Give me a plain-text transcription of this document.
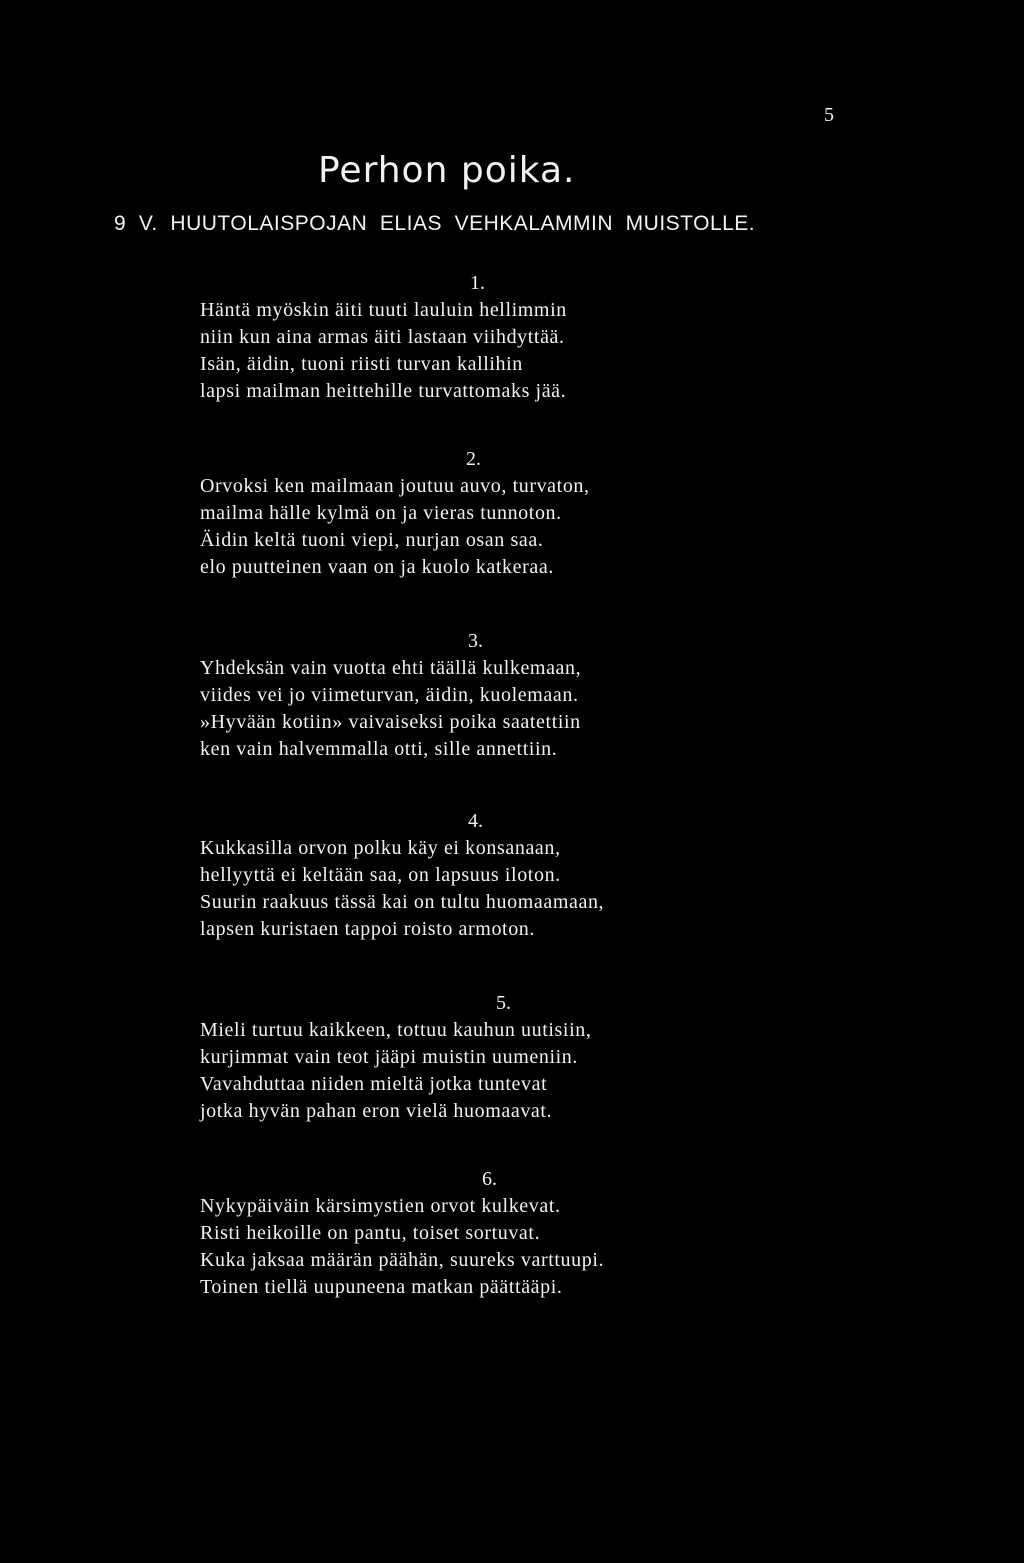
5
Perhon poika.
9  V.  HUUTOLAISPOJAN  ELIAS  VEHKALAMMIN  MUISTOLLE.
1.
Häntä myöskin äiti tuuti lauluin hellimmin
niin kun aina armas äiti lastaan viihdyttää.
Isän, äidin, tuoni riisti turvan kallihin
lapsi mailman heittehille turvattomaks jää.
2.
Orvoksi ken mailmaan joutuu auvo, turvaton,
mailma hälle kylmä on ja vieras tunnoton.
Äidin keltä tuoni viepi, nurjan osan saa.
elo puutteinen vaan on ja kuolo katkeraa.
3.
Yhdeksän vain vuotta ehti täällä kulkemaan,
viides vei jo viimeturvan, äidin, kuolemaan.
»Hyvään kotiin» vaivaiseksi poika saatettiin
ken vain halvemmalla otti, sille annettiin.
4.
Kukkasilla orvon polku käy ei konsanaan,
hellyyttä ei keltään saa, on lapsuus iloton.
Suurin raakuus tässä kai on tultu huomaamaan,
lapsen kuristaen tappoi roisto armoton.
5.
Mieli turtuu kaikkeen, tottuu kauhun uutisiin,
kurjimmat vain teot jääpi muistin uumeniin.
Vavahduttaa niiden mieltä jotka tuntevat
jotka hyvän pahan eron vielä huomaavat.
6.
Nykypäiväin kärsimystien orvot kulkevat.
Risti heikoille on pantu, toiset sortuvat.
Kuka jaksaa määrän päähän, suureks varttuupi.
Toinen tiellä uupuneena matkan päättääpi.
